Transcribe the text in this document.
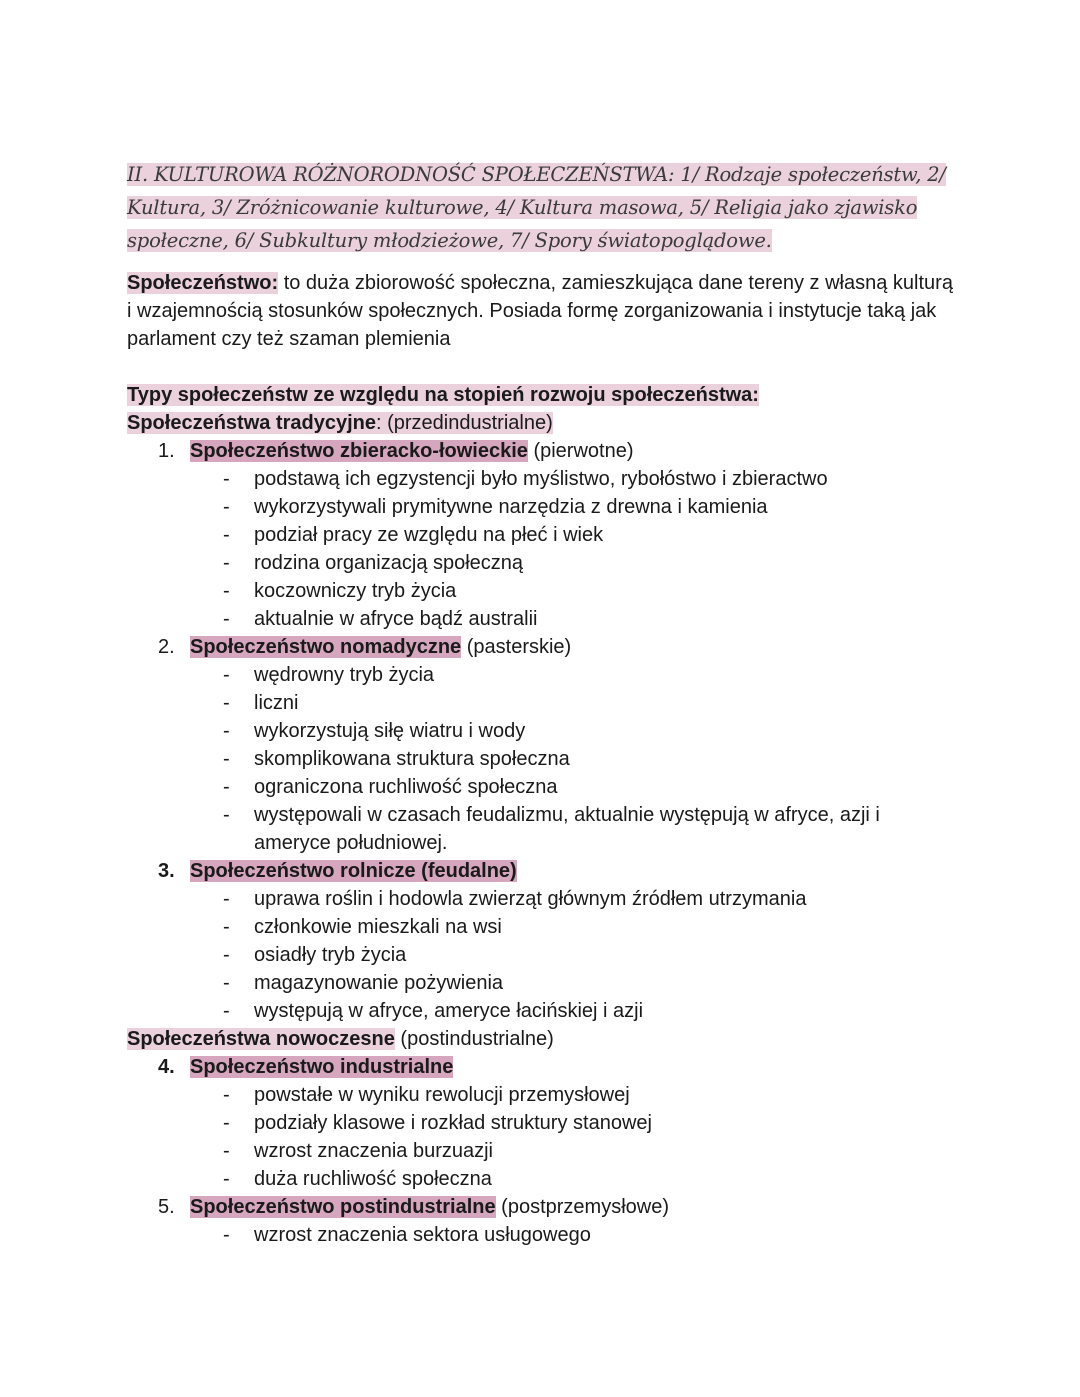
II. KULTUROWA RÓŻNORODNOŚĆ SPOŁECZEŃSTWA: 1/ Rodzaje społeczeństw, 2/
Kultura, 3/ Zróżnicowanie kulturowe, 4/ Kultura masowa, 5/ Religia jako zjawisko
społeczne, 6/ Subkultury młodzieżowe, 7/ Spory światopoglądowe.

Społeczeństwo: to duża zbiorowość społeczna, zamieszkująca dane tereny z własną kulturą i wzajemnością stosunków społecznych. Posiada formę zorganizowania i instytucje taką jak parlament czy też szaman plemienia

Typy społeczeństw ze względu na stopień rozwoju społeczeństwa:

Społeczeństwa tradycyjne: (przedindustrialne)

1. Społeczeństwo zbieracko-łowieckie (pierwotne)

- podstawą ich egzystencji było myślistwo, rybołóstwo i zbieractwo
- wykorzystywali prymitywne narzędzia z drewna i kamienia
- podział pracy ze względu na płeć i wiek
- rodzina organizacją społeczną
- koczowniczy tryb życia
- aktualnie w afryce bądź australii

2. Społeczeństwo nomadyczne (pasterskie)

- wędrowny tryb życia
- liczni
- wykorzystują siłę wiatru i wody
- skomplikowana struktura społeczna
- ograniczona ruchliwość społeczna
- występowali w czasach feudalizmu, aktualnie występują w afryce, azji i ameryce południowej.

3. Społeczeństwo rolnicze (feudalne)

- uprawa roślin i hodowla zwierząt głównym źródłem utrzymania
- członkowie mieszkali na wsi
- osiadły tryb życia
- magazynowanie pożywienia
- występują w afryce, ameryce łacińskiej i azji

Społeczeństwa nowoczesne (postindustrialne)

4. Społeczeństwo industrialne

- powstałe w wyniku rewolucji przemysłowej
- podziały klasowe i rozkład struktury stanowej
- wzrost znaczenia burzuazji
- duża ruchliwość społeczna

5. Społeczeństwo postindustrialne (postprzemysłowe)

- wzrost znaczenia sektora usługowego
